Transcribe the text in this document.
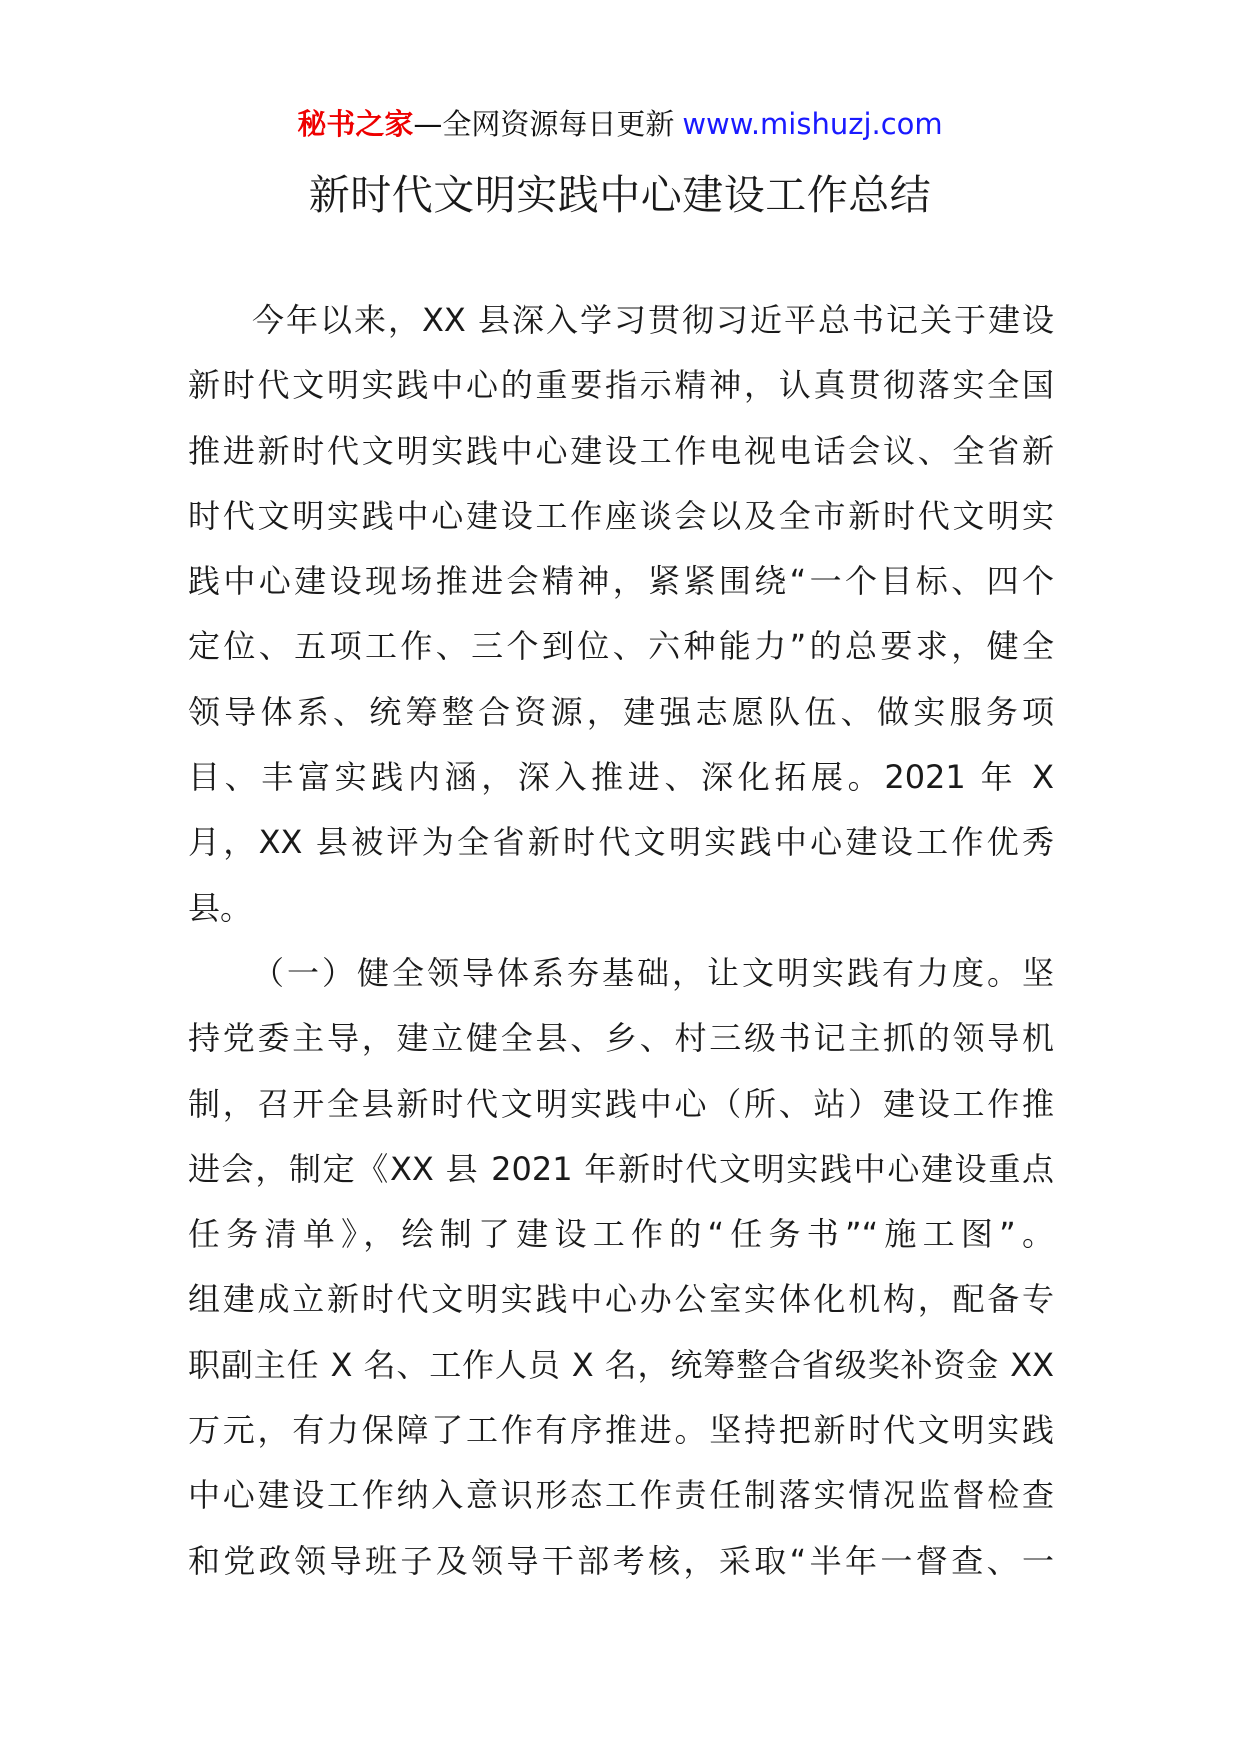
秘书之家—全网资源每日更新 www.mishuzj.com
新时代文明实践中心建设工作总结
今年以来，XX 县深入学习贯彻习近平总书记关于建设
新时代文明实践中心的重要指示精神，认真贯彻落实全国
推进新时代文明实践中心建设工作电视电话会议、全省新
时代文明实践中心建设工作座谈会以及全市新时代文明实
践中心建设现场推进会精神，紧紧围绕“一个目标、四个
定位、五项工作、三个到位、六种能力”的总要求，健全
领导体系、统筹整合资源，建强志愿队伍、做实服务项
目、丰富实践内涵，深入推进、深化拓展。2021 年 X
月，XX 县被评为全省新时代文明实践中心建设工作优秀
县。
（一）健全领导体系夯基础，让文明实践有力度。坚
持党委主导，建立健全县、乡、村三级书记主抓的领导机
制，召开全县新时代文明实践中心（所、站）建设工作推
进会，制定《XX 县 2021 年新时代文明实践中心建设重点
任务清单》，绘制了建设工作的“任务书”“施工图”。
组建成立新时代文明实践中心办公室实体化机构，配备专
职副主任 X 名、工作人员 X 名，统筹整合省级奖补资金 XX
万元，有力保障了工作有序推进。坚持把新时代文明实践
中心建设工作纳入意识形态工作责任制落实情况监督检查
和党政领导班子及领导干部考核，采取“半年一督查、一
